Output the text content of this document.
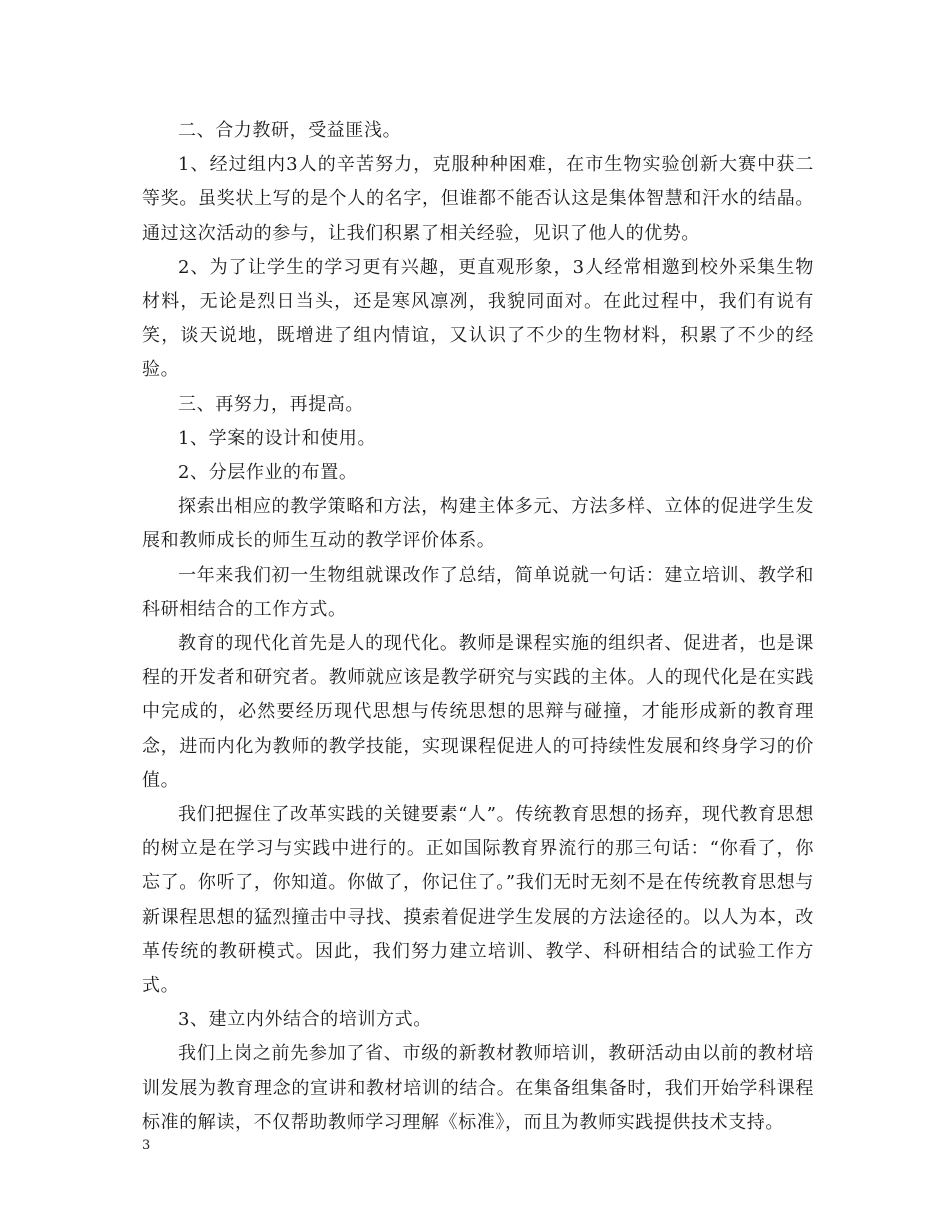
二、合力教研，受益匪浅。

1、经过组内3人的辛苦努力，克服种种困难，在市生物实验创新大赛中获二等奖。虽奖状上写的是个人的名字，但谁都不能否认这是集体智慧和汗水的结晶。通过这次活动的参与，让我们积累了相关经验，见识了他人的优势。

2、为了让学生的学习更有兴趣，更直观形象，3人经常相邀到校外采集生物材料，无论是烈日当头，还是寒风凛冽，我貌同面对。在此过程中，我们有说有笑，谈天说地，既增进了组内情谊，又认识了不少的生物材料，积累了不少的经验。

三、再努力，再提高。

1、学案的设计和使用。

2、分层作业的布置。

探索出相应的教学策略和方法，构建主体多元、方法多样、立体的促进学生发展和教师成长的师生互动的教学评价体系。

一年来我们初一生物组就课改作了总结，简单说就一句话：建立培训、教学和科研相结合的工作方式。

教育的现代化首先是人的现代化。教师是课程实施的组织者、促进者，也是课程的开发者和研究者。教师就应该是教学研究与实践的主体。人的现代化是在实践中完成的，必然要经历现代思想与传统思想的思辩与碰撞，才能形成新的教育理念，进而内化为教师的教学技能，实现课程促进人的可持续性发展和终身学习的价值。

我们把握住了改革实践的关键要素“人”。传统教育思想的扬弃，现代教育思想的树立是在学习与实践中进行的。正如国际教育界流行的那三句话：“你看了，你忘了。你听了，你知道。你做了，你记住了。”我们无时无刻不是在传统教育思想与新课程思想的猛烈撞击中寻找、摸索着促进学生发展的方法途径的。以人为本，改革传统的教研模式。因此，我们努力建立培训、教学、科研相结合的试验工作方式。

3、建立内外结合的培训方式。

我们上岗之前先参加了省、市级的新教材教师培训，教研活动由以前的教材培训发展为教育理念的宣讲和教材培训的结合。在集备组集备时，我们开始学科课程标准的解读，不仅帮助教师学习理解《标准》，而且为教师实践提供技术支持。

3
